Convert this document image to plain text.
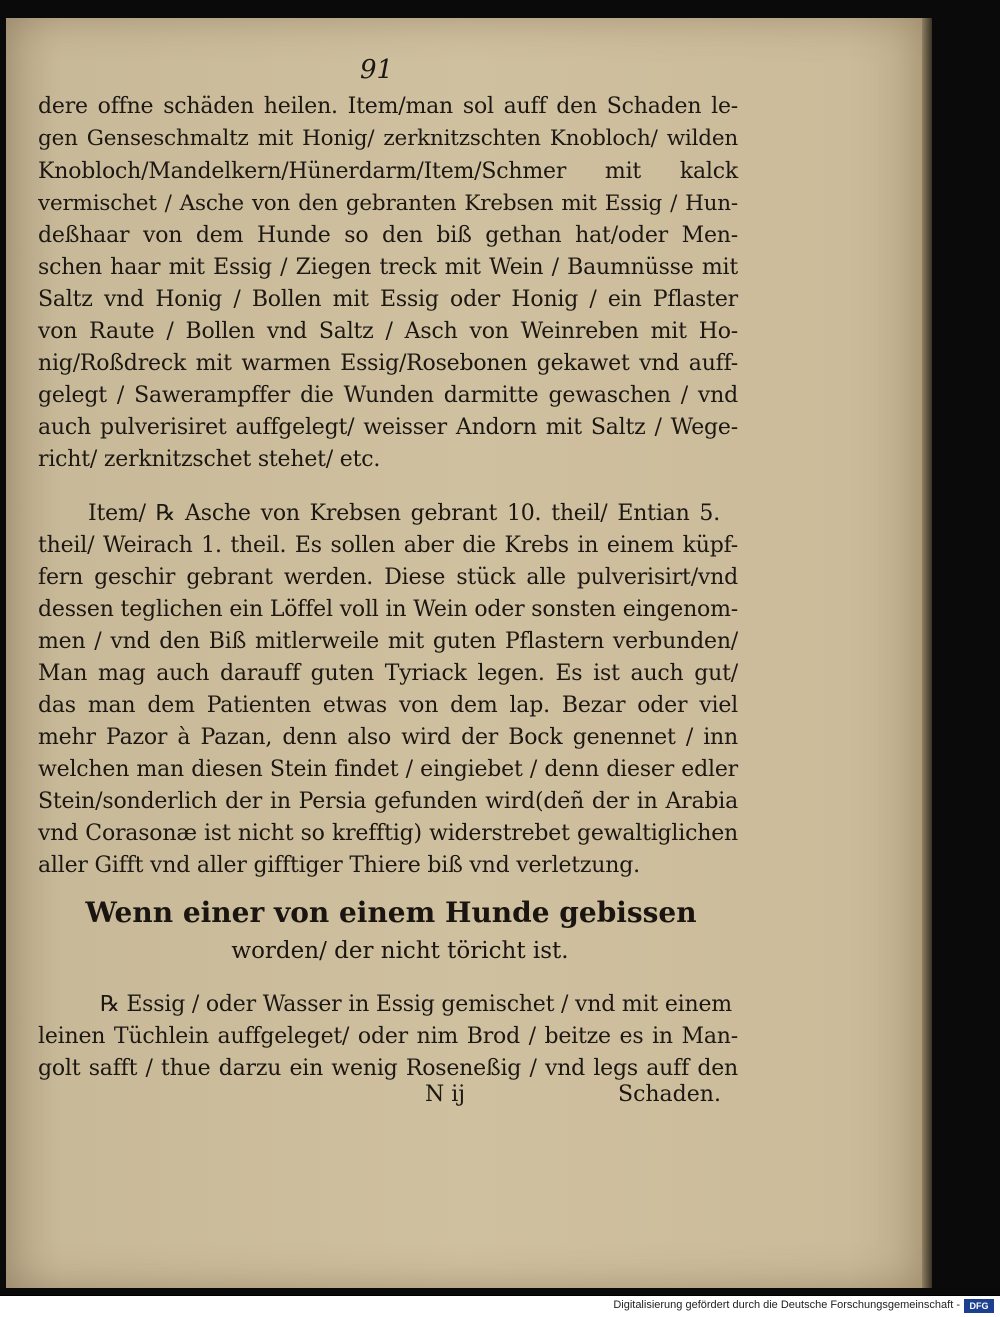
91
dere offne schäden heilen. Item/man sol auff den Schaden le-
gen Genseschmaltz mit Honig/ zerknitzschten Knobloch/ wilden
Knobloch/Mandelkern/Hünerdarm/Item/Schmer mit kalck
vermischet / Asche von den gebranten Krebsen mit Essig / Hun-
deßhaar von dem Hunde so den biß gethan hat/oder Men-
schen haar mit Essig / Ziegen treck mit Wein / Baumnüsse mit
Saltz vnd Honig / Bollen mit Essig oder Honig / ein Pflaster
von Raute / Bollen vnd Saltz / Asch von Weinreben mit Ho-
nig/Roßdreck mit warmen Essig/Rosebonen gekawet vnd auff-
gelegt / Sawerampffer die Wunden darmitte gewaschen / vnd
auch pulverisiret auffgelegt/ weisser Andorn mit Saltz / Wege-
richt/ zerknitzschet stehet/ etc.
Item/ ℞ Asche von Krebsen gebrant 10. theil/ Entian 5.
theil/ Weirach 1. theil. Es sollen aber die Krebs in einem küpf-
fern geschir gebrant werden. Diese stück alle pulverisirt/vnd
dessen teglichen ein Löffel voll in Wein oder sonsten eingenom-
men / vnd den Biß mitlerweile mit guten Pflastern verbunden/
Man mag auch darauff guten Tyriack legen. Es ist auch gut/
das man dem Patienten etwas von dem lap. Bezar oder viel
mehr Pazor à Pazan, denn also wird der Bock genennet / inn
welchen man diesen Stein findet / eingiebet / denn dieser edler
Stein/sonderlich der in Persia gefunden wird(deñ der in Arabia
vnd Corasonæ ist nicht so krefftig) widerstrebet gewaltiglichen
aller Gifft vnd aller gifftiger Thiere biß vnd verletzung.
Wenn einer von einem Hunde gebissen
worden/ der nicht töricht ist.
℞ Essig / oder Wasser in Essig gemischet / vnd mit einem
leinen Tüchlein auffgeleget/ oder nim Brod / beitze es in Man-
golt safft / thue darzu ein wenig Roseneßig / vnd legs auff den
N ij	Schaden.
Digitalisierung gefördert durch die Deutsche Forschungsgemeinschaft -	DFG
